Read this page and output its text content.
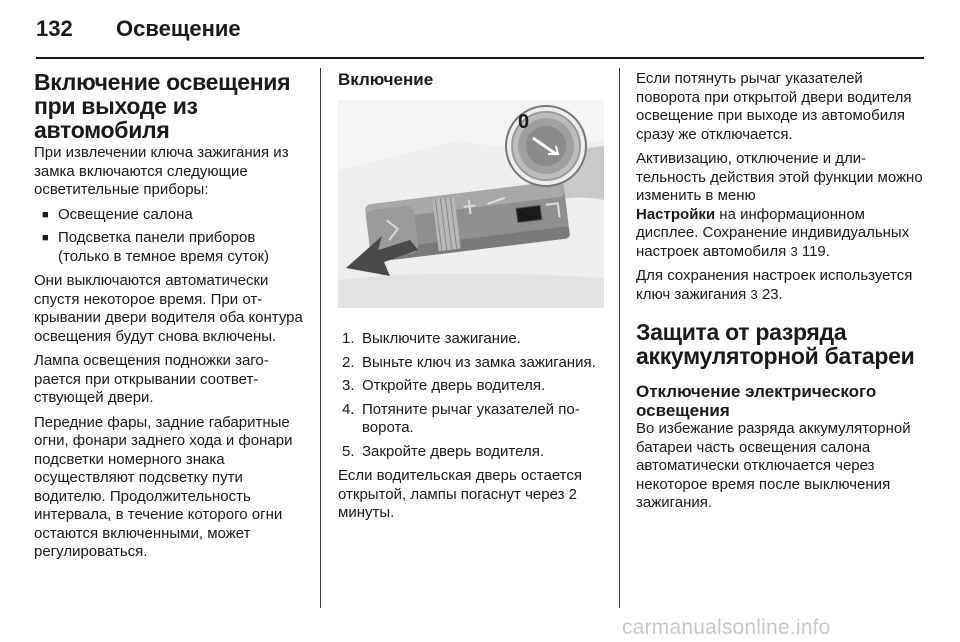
132 Освещение
Включение освещения
при выходе из
автомобиля

При извлечении ключа зажигания из замка включаются следующие осветительные приборы:

■ Освещение салона
■ Подсветка панели приборов (только в темное время суток)

Они выключаются автоматически спустя некоторое время. При открывании двери водителя оба контура освещения будут снова включены.

Лампа освещения подножки загорается при открывании соответствующей двери.

Передние фары, задние габаритные огни, фонари заднего хода и фонари подсветки номерного знака осуществляют подсветку пути водителю. Продолжительность интервала, в течение которого огни остаются включенными, может регулироваться.

Включение
0
1. Выключите зажигание.
2. Выньте ключ из замка зажигания.
3. Откройте дверь водителя.
4. Потяните рычаг указателей поворота.
5. Закройте дверь водителя.

Если водительская дверь остается открытой, лампы погаснут через 2 минуты.

Если потянуть рычаг указателей поворота при открытой двери водителя освещение при выходе из автомобиля сразу же отключается.

Активизацию, отключение и длительность действия этой функции можно изменить в меню
Настройки на информационном дисплее. Сохранение индивидуальных настроек автомобиля 3 119.

Для сохранения настроек используется ключ зажигания 3 23.

Защита от разряда
аккумуляторной батареи
Отключение электрического
освещения

Во избежание разряда аккумуляторной батареи часть освещения салона автоматически отключается через некоторое время после выключения зажигания.

carmanualsonline.info
